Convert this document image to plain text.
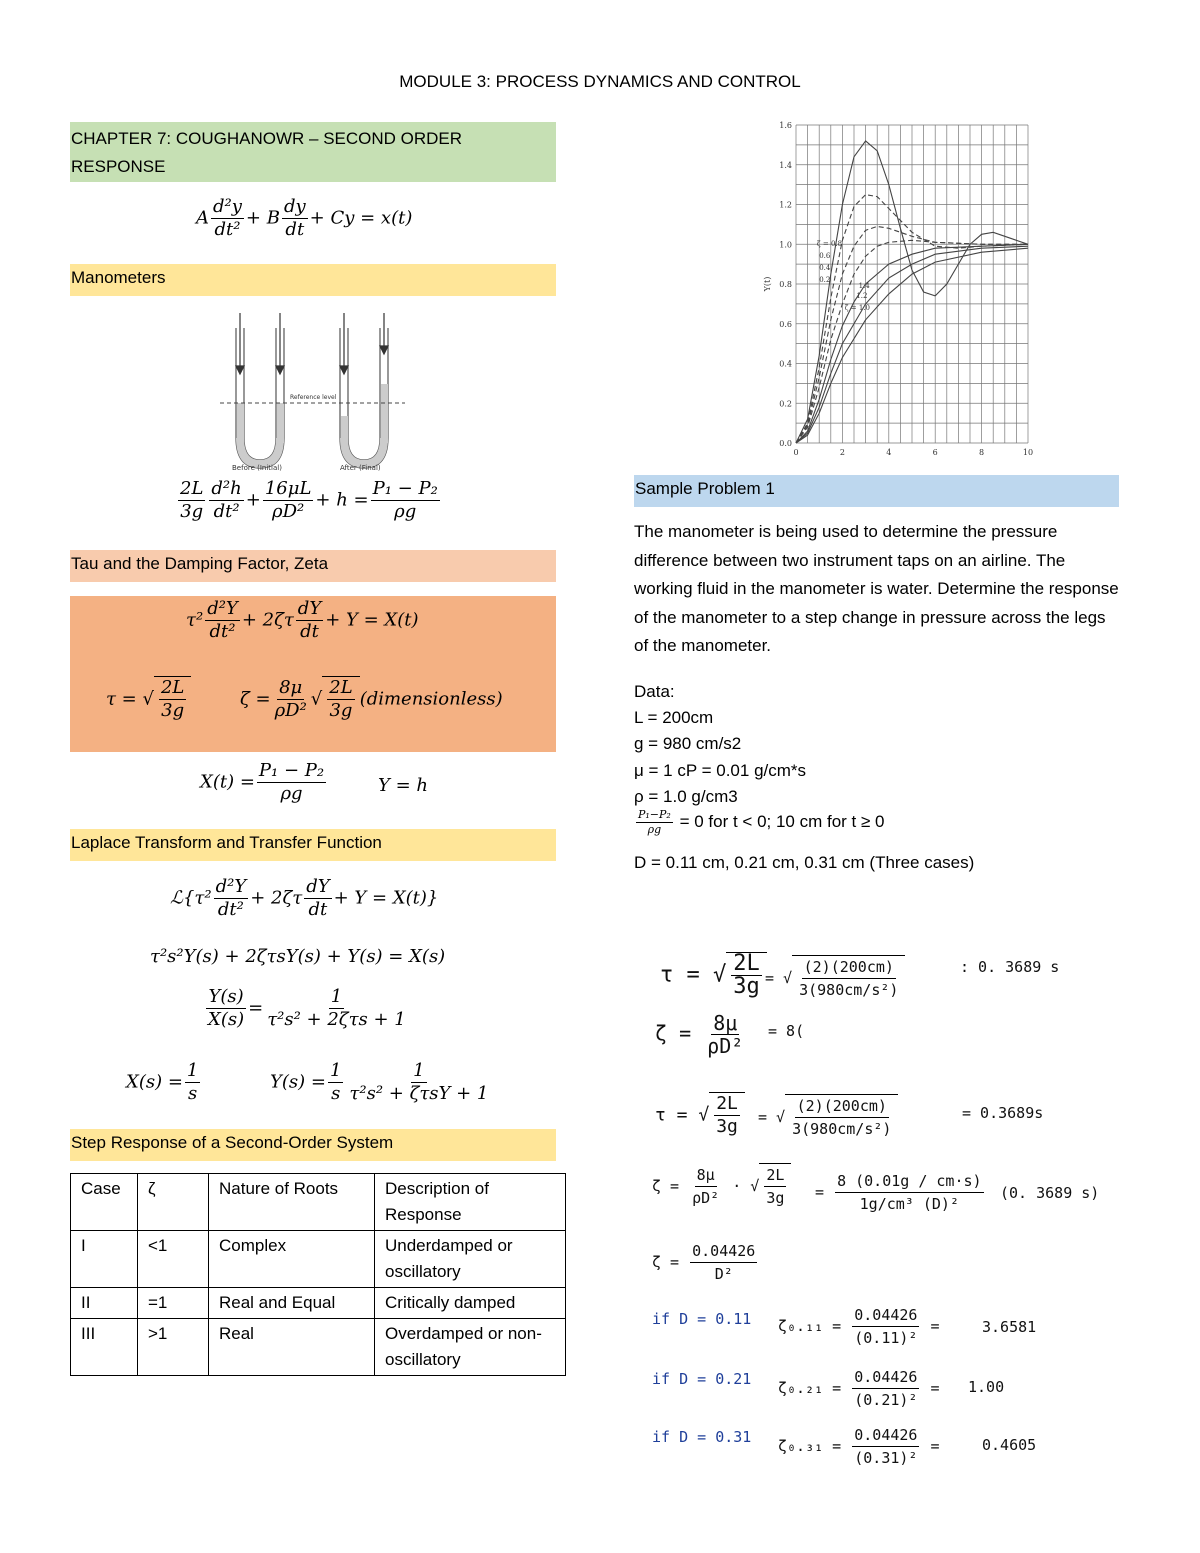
MODULE 3: PROCESS DYNAMICS AND CONTROL
CHAPTER 7: COUGHANOWR – SECOND ORDER RESPONSE
A $\frac{\text{d²y}}{\text{dt²}} + B \frac{dy}{dt} + Cy = x(t)$
Manometers
Before (Initial)	After (Final)
Reference level
$\frac{2L}{3g} \frac{\text{d²h}}{\text{dt²}} + \frac{16\mu L}{\text{ρD²}} + h = \frac{\text{P₁ − P₂}}{\rho g}$
Tau and the Damping Factor, Zeta
$\tau^2 \frac{\text{d²Y}}{\text{dt²}} + 2\zeta\tau \frac{dY}{dt} + Y = X(t)$
τ = √ $\frac{2L}{3g}$	$\zeta = \frac{8\mu}{\text{ρD²}}$ √ $\frac{2L}{3g}$ (dimensionless)
$X(t) = \frac{\text{P₁ − P₂}}{\rho g}$	Y = h
Laplace Transform and Transfer Function
ℒ{τ² $\frac{\text{d²Y}}{\text{dt²}} + 2\zeta\tau \frac{dY}{dt} + Y = X(t)$}
τ²s²Y(s) + 2ζτsY(s) + Y(s) = X(s)
$\frac{Y(s)}{X(s)} = \frac{1}{\text{τ²s² + 2ζτs + 1}}$
$X(s) = \frac{1}{s}$	$Y(s) = \frac{1}{s} \frac{1}{\text{τ²s² + ζτsY + 1}}$
Step Response of a Second-Order System
Case	ζ	Nature of Roots	Description of Response
I	<1	Complex	Underdamped or oscillatory
II	=1	Real and Equal	Critically damped
III	>1	Real	Overdamped or non-oscillatory
0	2	4	6	8	10
0.0
0.2
0.4
0.6
0.8
1.0
1.2
1.4
1.6
Y(t)
ζ = 0.8
0.6
0.4
0.2
1.4
1.2
ζ = 1.0
Sample Problem 1
The manometer is being used to determine the pressure difference between two instrument taps on an airline. The working fluid in the manometer is water. Determine the response of the manometer to a step change in pressure across the legs of the manometer.
Data:
L = 200cm
g = 980 cm/s2
μ = 1 cP = 0.01 g/cm*s
ρ = 1.0 g/cm3
$\frac{\text{P₁−P₂}}{\rho g} = 0$ for t < 0; 10 cm for t ≥ 0
D = 0.11 cm, 0.21 cm, 0.31 cm (Three cases)
τ = √ $\frac{2L}{3g}$ = √ $\frac{(2)(200cm)}{\text{3(980cm/s²)}}$	: 0. 3689 s
$\zeta = \frac{8\mu}{\text{ρD²}} = 8$(
τ = √ $\frac{2L}{3g}$ = √ $\frac{(2)(200cm)}{\text{3(980cm/s²)}}$	= 0.3689s
$\zeta = \frac{8\mu}{\text{ρD²}}$ · √ $\frac{2L}{3g} = \frac{8 (0.01g / cm\cdot s)}{\text{1g/cm³ (D)²}} (0$. 3689 s)
$\zeta = \frac{0.04426}{\text{D²}}$
if D = 0.11 $\zeta_0._{11} = \frac{0.04426}{\text{(0.11)²}}$ =	3.6581
if D = 0.21 $\zeta_0._{21} = \frac{0.04426}{\text{(0.21)²}} = 1.00$
if D = 0.31 $\zeta_0._{31} = \frac{0.04426}{\text{(0.31)²}}$ =	0.4605
